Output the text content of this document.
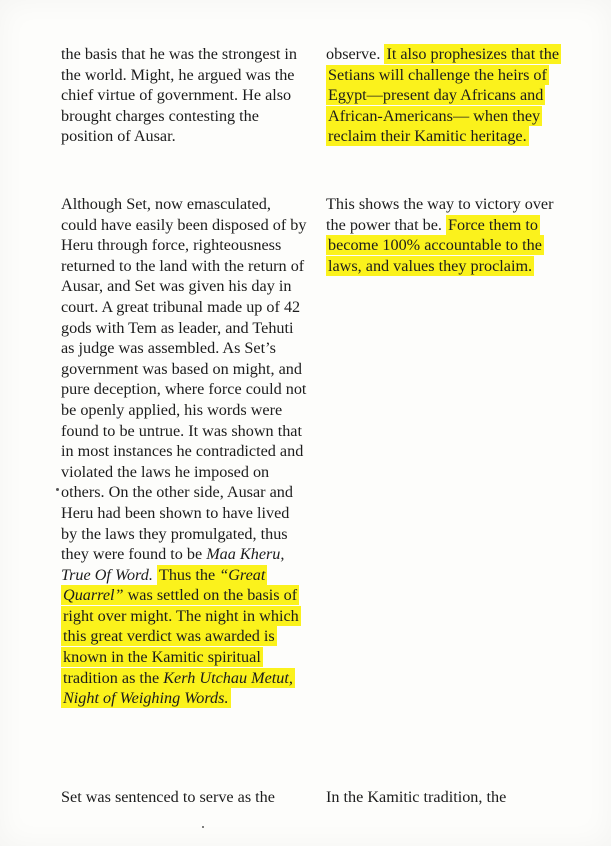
the basis that he was the strongest in the world. Might, he argued was the chief virtue of government. He also brought charges contesting the position of Ausar.

Although Set, now emasculated, could have easily been disposed of by Heru through force, righteousness returned to the land with the return of Ausar, and Set was given his day in court. A great tribunal made up of 42 gods with Tem as leader, and Tehuti as judge was assembled. As Set’s government was based on might, and pure deception, where force could not be openly applied, his words were found to be untrue. It was shown that in most instances he contradicted and violated the laws he imposed on others. On the other side, Ausar and Heru had been shown to have lived by the laws they promulgated, thus they were found to be Maa Kheru, True Of Word. Thus the “Great Quarrel” was settled on the basis of right over might. The night in which this great verdict was awarded is known in the Kamitic spiritual tradition as the Kerh Utchau Metut, Night of Weighing Words.

Set was sentenced to serve as the

observe. It also prophesizes that the Setians will challenge the heirs of Egypt—present day Africans and African-Americans— when they reclaim their Kamitic heritage.

This shows the way to victory over the power that be. Force them to become 100% accountable to the laws, and values they proclaim.

In the Kamitic tradition, the
